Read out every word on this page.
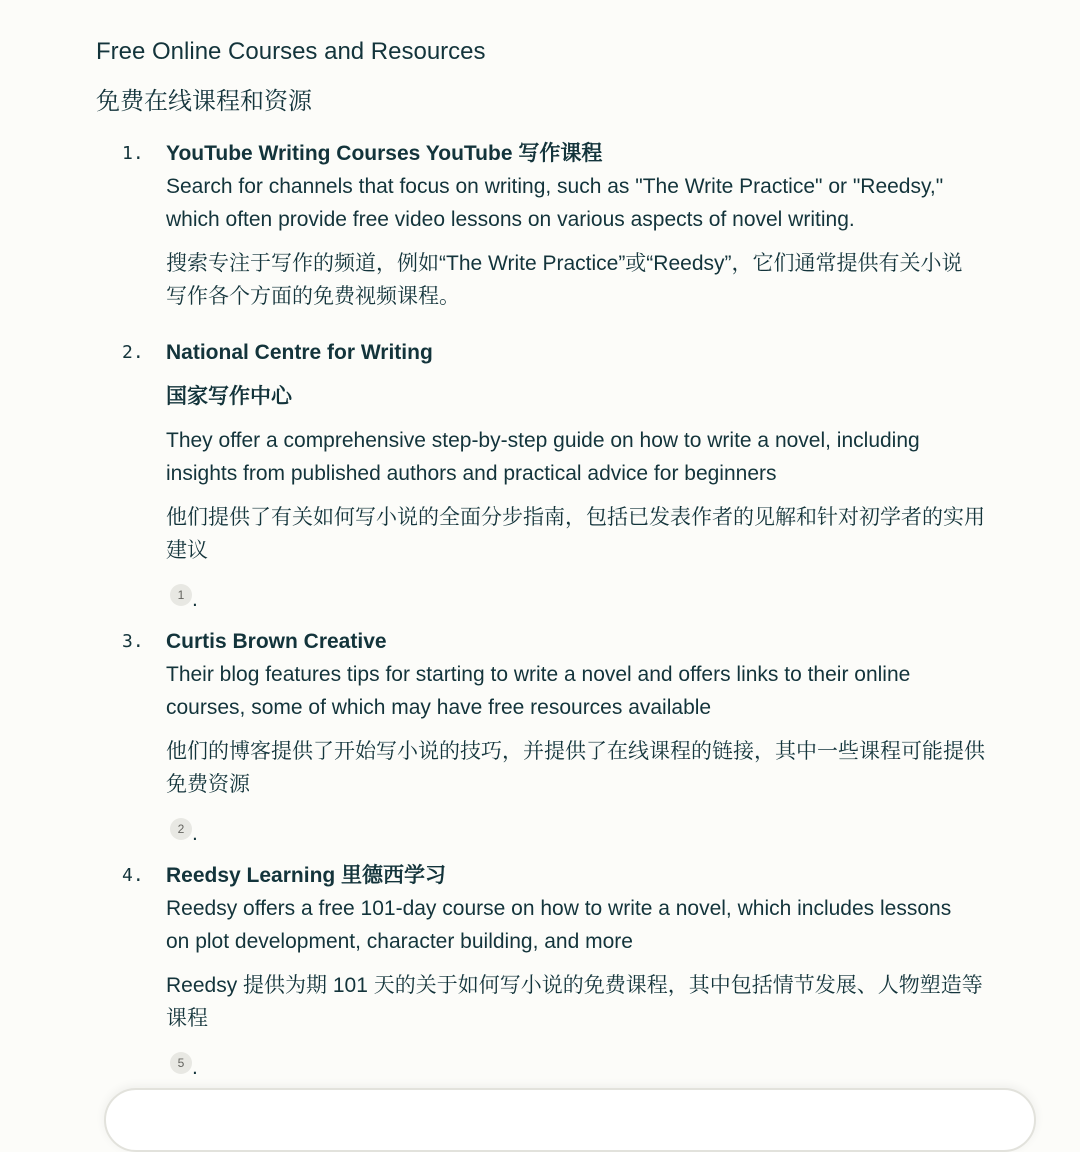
Free Online Courses and Resources
免费在线课程和资源
1. YouTube Writing Courses YouTube 写作课程

Search for channels that focus on writing, such as "The Write Practice" or "Reedsy,"
which often provide free video lessons on various aspects of novel writing.

搜索专注于写作的频道，例如“The Write Practice”或“Reedsy”，它们通常提供有关小说
写作各个方面的免费视频课程。

2. National Centre for Writing

国家写作中心

They offer a comprehensive step-by-step guide on how to write a novel, including
insights from published authors and practical advice for beginners

他们提供了有关如何写小说的全面分步指南，包括已发表作者的见解和针对初学者的实用
建议

1 .
3. Curtis Brown Creative

Their blog features tips for starting to write a novel and offers links to their online
courses, some of which may have free resources available

他们的博客提供了开始写小说的技巧，并提供了在线课程的链接，其中一些课程可能提供
免费资源

2 .
4. Reedsy Learning 里德西学习

Reedsy offers a free 101-day course on how to write a novel, which includes lessons
on plot development, character building, and more

Reedsy 提供为期 101 天的关于如何写小说的免费课程，其中包括情节发展、人物塑造等
课程

5 .
